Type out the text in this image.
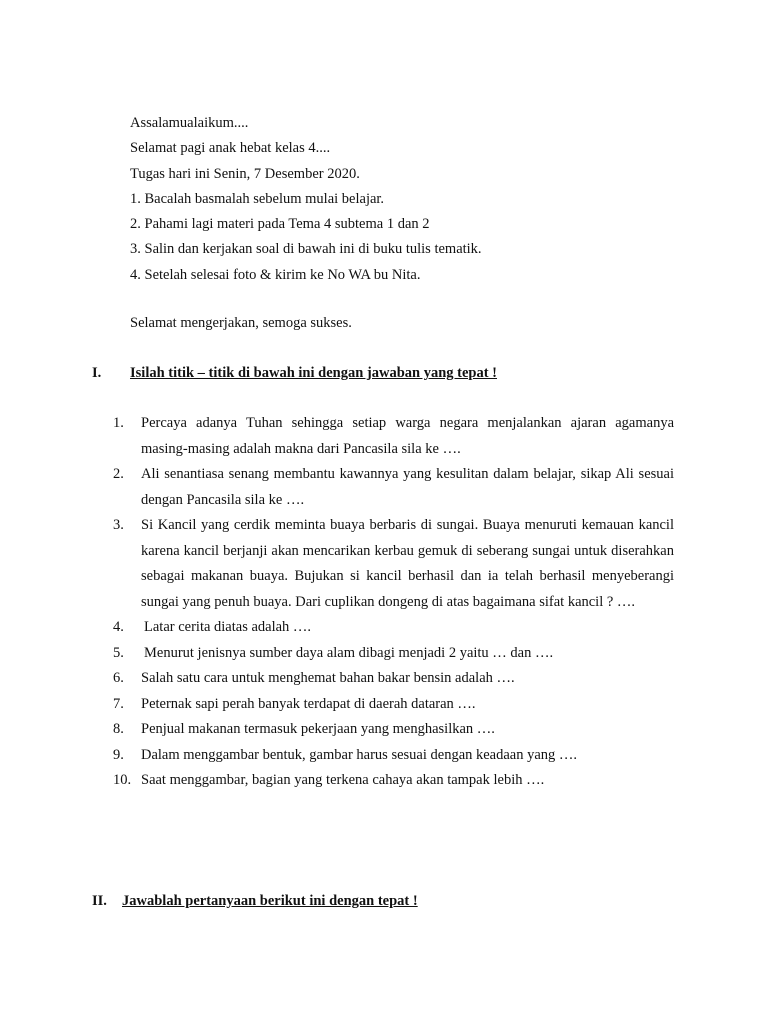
Assalamualaikum....
Selamat pagi anak hebat kelas 4....
Tugas hari ini Senin, 7 Desember 2020.
1. Bacalah basmalah sebelum mulai belajar.
2. Pahami lagi materi pada Tema 4 subtema 1 dan 2
3. Salin dan kerjakan soal di bawah ini di buku tulis tematik.
4. Setelah selesai foto & kirim ke No WA bu Nita.
Selamat mengerjakan, semoga sukses.
I. Isilah titik – titik di bawah ini dengan jawaban yang tepat !
1. Percaya adanya Tuhan sehingga setiap warga negara menjalankan ajaran agamanya masing-masing adalah makna dari Pancasila sila ke ….
2. Ali senantiasa senang membantu kawannya yang kesulitan dalam belajar, sikap Ali sesuai dengan Pancasila sila ke ….
3. Si Kancil yang cerdik meminta buaya berbaris di sungai. Buaya menuruti kemauan kancil karena kancil berjanji akan mencarikan kerbau gemuk di seberang sungai untuk diserahkan sebagai makanan buaya. Bujukan si kancil berhasil dan ia telah berhasil menyeberangi sungai yang penuh buaya. Dari cuplikan dongeng di atas bagaimana sifat kancil ? ….
4. Latar cerita diatas adalah ….
5. Menurut jenisnya sumber daya alam dibagi menjadi 2 yaitu … dan ….
6. Salah satu cara untuk menghemat bahan bakar bensin adalah ….
7. Peternak sapi perah banyak terdapat di daerah dataran ….
8. Penjual makanan termasuk pekerjaan yang menghasilkan ….
9. Dalam menggambar bentuk, gambar harus sesuai dengan keadaan yang ….
10. Saat menggambar, bagian yang terkena cahaya akan tampak lebih ….
II. Jawablah pertanyaan berikut ini dengan tepat !
